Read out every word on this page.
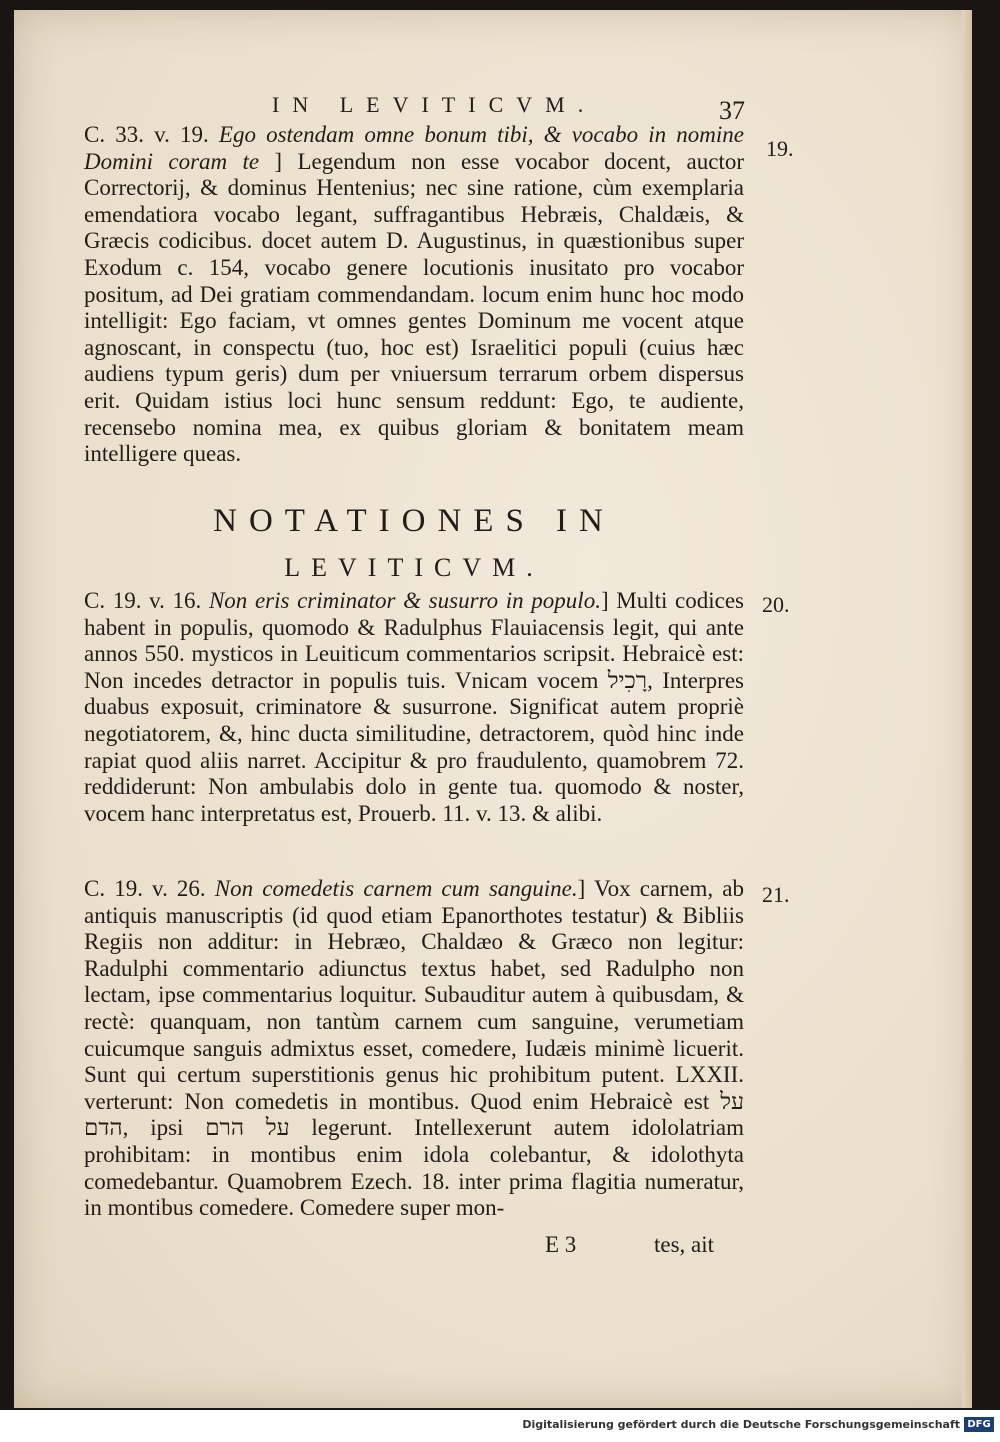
IN LEVITICVM.	37
19.
20.
21.

C. 33. v. 19. Ego ostendam omne bonum tibi, & vocabo in nomine Domini coram te ] Legendum non esse vocabor docent, auctor Correctorij, & dominus Hentenius; nec sine ratione, cùm exemplaria emendatiora vocabo legant, suffragantibus Hebræis, Chaldæis, & Græcis codicibus. docet autem D. Augustinus, in quæstionibus super Exodum c. 154, vocabo genere locutionis inusitato pro vocabor positum, ad Dei gratiam commendandam. locum enim hunc hoc modo intelligit: Ego faciam, vt omnes gentes Dominum me vocent atque agnoscant, in conspectu (tuo, hoc est) Israelitici populi (cuius hæc audiens typum geris) dum per vniuersum terrarum orbem dispersus erit. Quidam istius loci hunc sensum reddunt: Ego, te audiente, recensebo nomina mea, ex quibus gloriam & bonitatem meam intelligere queas.

NOTATIONES IN
LEVITICVM.

C. 19. v. 16. Non eris criminator & susurro in populo.] Multi codices habent in populis, quomodo & Radulphus Flauiacensis legit, qui ante annos 550. mysticos in Leuiticum commentarios scripsit. Hebraicè est: Non incedes detractor in populis tuis. Vnicam vocem רָכִיל, Interpres duabus exposuit, criminatore & susurrone. Significat autem propriè negotiatorem, &, hinc ducta similitudine, detractorem, quòd hinc inde rapiat quod aliis narret. Accipitur & pro fraudulento, quamobrem 72. reddiderunt: Non ambulabis dolo in gente tua. quomodo & noster, vocem hanc interpretatus est, Prouerb. 11. v. 13. & alibi.

C. 19. v. 26. Non comedetis carnem cum sanguine.] Vox carnem, ab antiquis manuscriptis (id quod etiam Epanorthotes testatur) & Bibliis Regiis non additur: in Hebræo, Chaldæo & Græco non legitur: Radulphi commentario adiunctus textus habet, sed Radulpho non lectam, ipse commentarius loquitur. Subauditur autem à quibusdam, & rectè: quanquam, non tantùm carnem cum sanguine, verumetiam cuicumque sanguis admixtus esset, comedere, Iudæis minimè licuerit. Sunt qui certum superstitionis genus hic prohibitum putent. LXXII. verterunt: Non comedetis in montibus. Quod enim Hebraicè est על הדם, ipsi על הרם legerunt. Intellexerunt autem idololatriam prohibitam: in montibus enim idola colebantur, & idolothyta comedebantur. Quamobrem Ezech. 18. inter prima flagitia numeratur, in montibus comedere. Comedere super mon-

E 3	tes, ait
Digitalisierung gefördert durch die Deutsche Forschungsgemeinschaft DFG
